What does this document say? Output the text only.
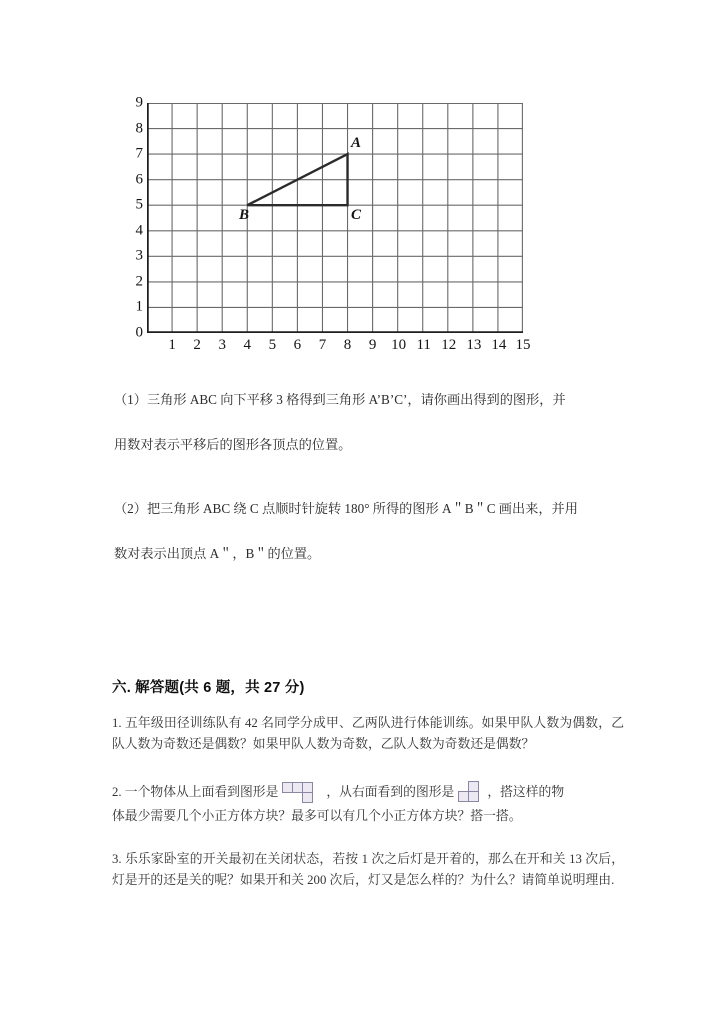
9
8
7
6
5
4
3
2
1
0
A
B	C
1	2	3	4	5	6	7	8	9 10 11 12 13 14 15
（1）三角形 ABC 向下平移 3 格得到三角形 A’B’C’，请你画出得到的图形，并
用数对表示平移后的图形各顶点的位置。
（2）把三角形 ABC 绕 C 点顺时针旋转 180° 所得的图形 A＂B＂C 画出来，并用
数对表示出顶点 A＂，B＂的位置。
六. 解答题(共 6 题，共 27 分)
1. 五年级田径训练队有 42 名同学分成甲、乙两队进行体能训练。如果甲队人数为偶数，乙队人数为奇数还是偶数？如果甲队人数为奇数，乙队人数为奇数还是偶数？
2. 一个物体从上面看到图形是	，从右面看到的图形是	，搭这样的物
体最少需要几个小正方体方块？最多可以有几个小正方体方块？搭一搭。
3. 乐乐家卧室的开关最初在关闭状态，若按 1 次之后灯是开着的，那么在开和关 13 次后，灯是开的还是关的呢？如果开和关 200 次后，灯又是怎么样的？为什么？请简单说明理由.
